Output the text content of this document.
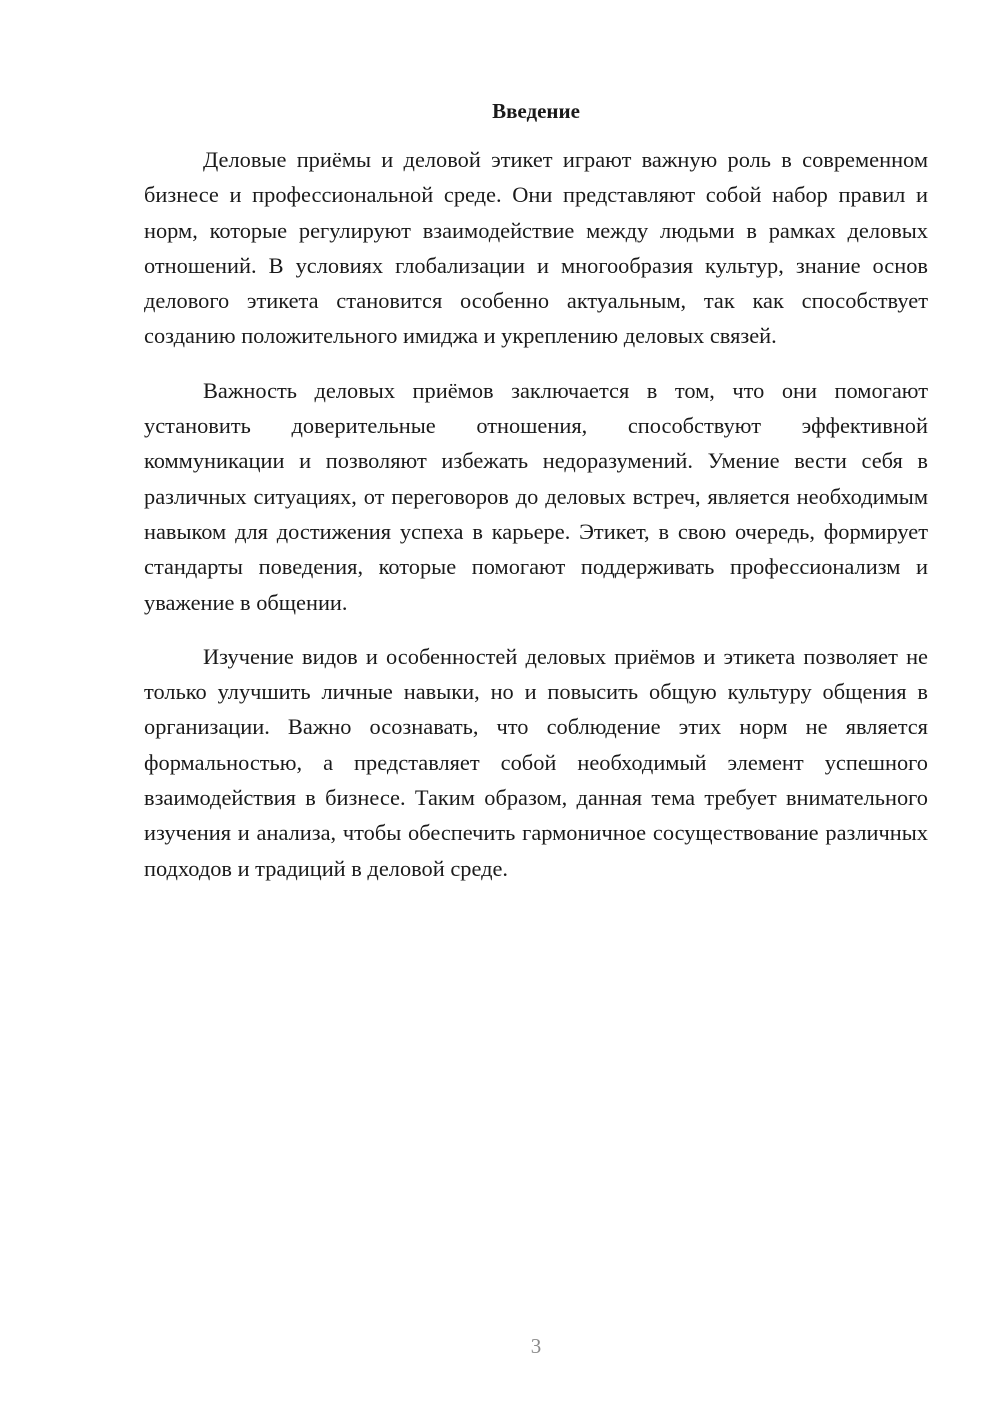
Введение

Деловые приёмы и деловой этикет играют важную роль в современном бизнесе и профессиональной среде. Они представляют собой набор правил и норм, которые регулируют взаимодействие между людьми в рамках деловых отношений. В условиях глобализации и многообразия культур, знание основ делового этикета становится особенно актуальным, так как способствует созданию положительного имиджа и укреплению деловых связей.

Важность деловых приёмов заключается в том, что они помогают установить доверительные отношения, способствуют эффективной коммуникации и позволяют избежать недоразумений. Умение вести себя в различных ситуациях, от переговоров до деловых встреч, является необходимым навыком для достижения успеха в карьере. Этикет, в свою очередь, формирует стандарты поведения, которые помогают поддерживать профессионализм и уважение в общении.

Изучение видов и особенностей деловых приёмов и этикета позволяет не только улучшить личные навыки, но и повысить общую культуру общения в организации. Важно осознавать, что соблюдение этих норм не является формальностью, а представляет собой необходимый элемент успешного взаимодействия в бизнесе. Таким образом, данная тема требует внимательного изучения и анализа, чтобы обеспечить гармоничное сосуществование различных подходов и традиций в деловой среде.

3
